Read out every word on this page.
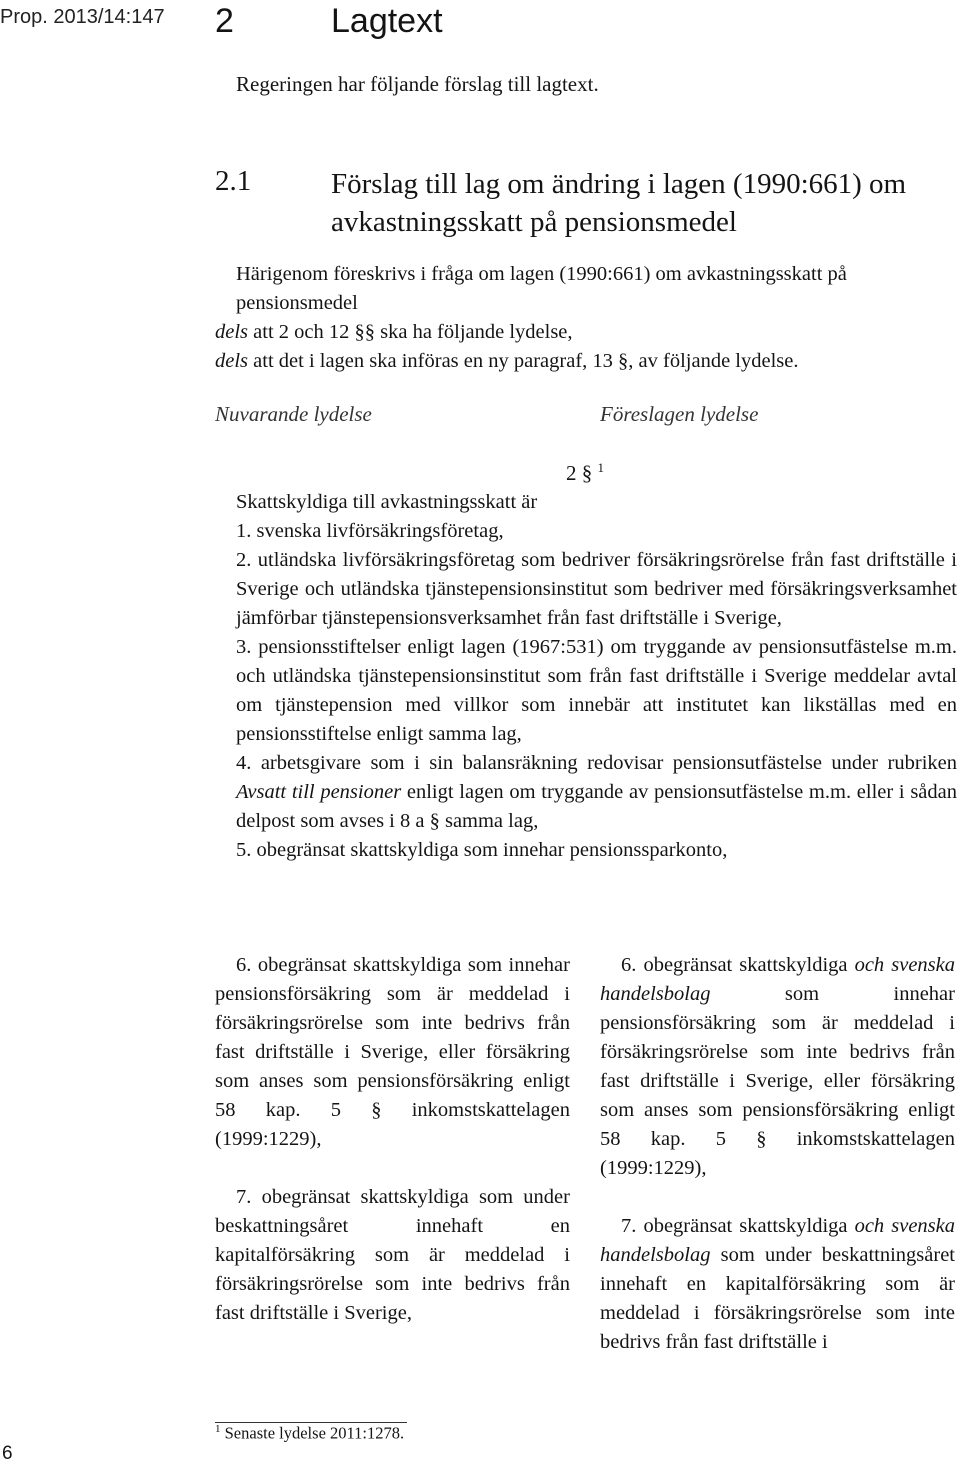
Prop. 2013/14:147 2	Lagtext
Regeringen har följande förslag till lagtext.
2.1	Förslag till lag om ändring i lagen (1990:661) om avkastningsskatt på pensionsmedel

Härigenom föreskrivs i fråga om lagen (1990:661) om avkastningsskatt på pensionsmedel

dels att 2 och 12 §§ ska ha följande lydelse,

dels att det i lagen ska införas en ny paragraf, 13 §, av följande lydelse.

Nuvarande lydelse	Föreslagen lydelse
2 § $^1$

Skattskyldiga till avkastningsskatt är

1. svenska livförsäkringsföretag,

2. utländska livförsäkringsföretag som bedriver försäkringsrörelse från fast driftställe i Sverige och utländska tjänstepensionsinstitut som bedriver med försäkringsverksamhet jämförbar tjänstepensionsverksamhet från fast driftställe i Sverige,

3. pensionsstiftelser enligt lagen (1967:531) om tryggande av pensionsutfästelse m.m. och utländska tjänstepensionsinstitut som från fast driftställe i Sverige meddelar avtal om tjänstepension med villkor som innebär att institutet kan likställas med en pensionsstiftelse enligt samma lag,

4. arbetsgivare som i sin balansräkning redovisar pensionsutfästelse under rubriken Avsatt till pensioner enligt lagen om tryggande av pensionsutfästelse m.m. eller i sådan delpost som avses i 8 a § samma lag,

5. obegränsat skattskyldiga som innehar pensionssparkonto,

6. obegränsat skattskyldiga som innehar pensionsförsäkring som är meddelad i försäkringsrörelse som inte bedrivs från fast driftställe i Sverige, eller försäkring som anses som pensionsförsäkring enligt 58 kap. 5 § inkomstskattelagen (1999:1229),

7. obegränsat skattskyldiga som under beskattningsåret innehaft en kapitalförsäkring som är meddelad i försäkringsrörelse som inte bedrivs från fast driftställe i Sverige,

6. obegränsat skattskyldiga och svenska handelsbolag som innehar pensionsförsäkring som är meddelad i försäkringsrörelse som inte bedrivs från fast driftställe i Sverige, eller försäkring som anses som pensionsförsäkring enligt 58 kap. 5 § inkomstskattelagen (1999:1229),

7. obegränsat skattskyldiga och svenska handelsbolag som under beskattningsåret innehaft en kapitalförsäkring som är meddelad i försäkringsrörelse som inte bedrivs från fast driftställe i

$^1$ Senaste lydelse 2011:1278.
6
